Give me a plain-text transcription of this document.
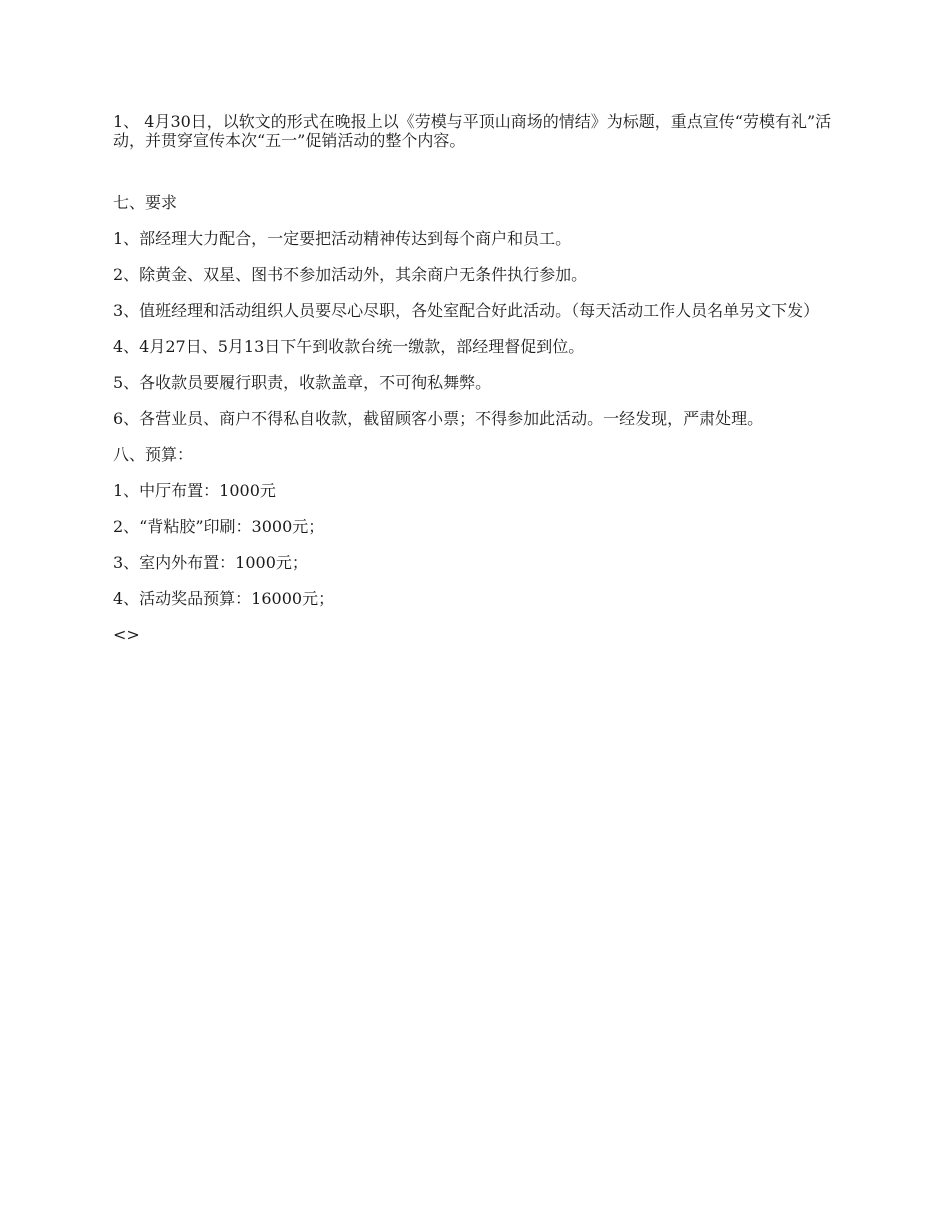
1、 4月30日，以软文的形式在晚报上以《劳模与平顶山商场的情结》为标题，重点宣传“劳模有礼”活动，并贯穿宣传本次“五一”促销活动的整个内容。

七、要求

1、部经理大力配合，一定要把活动精神传达到每个商户和员工。

2、除黄金、双星、图书不参加活动外，其余商户无条件执行参加。

3、值班经理和活动组织人员要尽心尽职，各处室配合好此活动。（每天活动工作人员名单另文下发）

4、4月27日、5月13日下午到收款台统一缴款，部经理督促到位。

5、各收款员要履行职责，收款盖章，不可徇私舞弊。

6、各营业员、商户不得私自收款，截留顾客小票；不得参加此活动。一经发现，严肃处理。

八、预算：

1、中厅布置：1000元

2、“背粘胶”印刷：3000元；

3、室内外布置：1000元；

4、活动奖品预算：16000元；

<>
